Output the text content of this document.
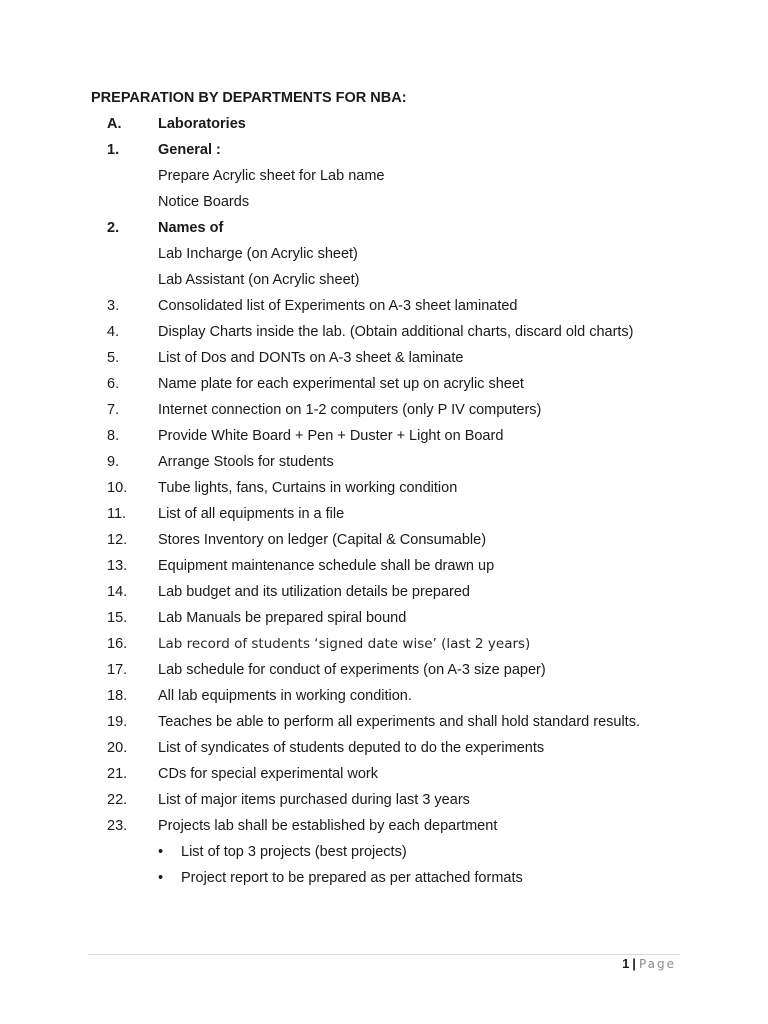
PREPARATION BY DEPARTMENTS FOR NBA:
A.	Laboratories
1.	General :
Prepare Acrylic sheet for Lab name
Notice Boards
2.	Names of
Lab Incharge (on Acrylic sheet)
Lab Assistant (on Acrylic sheet)
3.	Consolidated list of Experiments on A-3 sheet laminated
4.	Display Charts inside the lab. (Obtain additional charts, discard old charts)
5.	List of Dos and DONTs on A-3 sheet & laminate
6.	Name plate for each experimental set up on acrylic sheet
7.	Internet connection on 1-2 computers (only P IV computers)
8.	Provide White Board + Pen + Duster + Light on Board
9.	Arrange Stools for students
10. Tube lights, fans, Curtains in working condition
11. List of all equipments in a file
12. Stores Inventory on ledger (Capital & Consumable)
13. Equipment maintenance schedule shall be drawn up
14. Lab budget and its utilization details be prepared
15. Lab Manuals be prepared spiral bound
16. Lab record of students ‘signed date wise’ (last 2 years)
17. Lab schedule for conduct of experiments (on A-3 size paper)
18. All lab equipments in working condition.
19. Teaches be able to perform all experiments and shall hold standard results.
20. List of syndicates of students deputed to do the experiments
21. CDs for special experimental work
22. List of major items purchased during last 3 years
23. Projects lab shall be established by each department
• List of top 3 projects (best projects)
• Project report to be prepared as per attached formats
1 | Page
